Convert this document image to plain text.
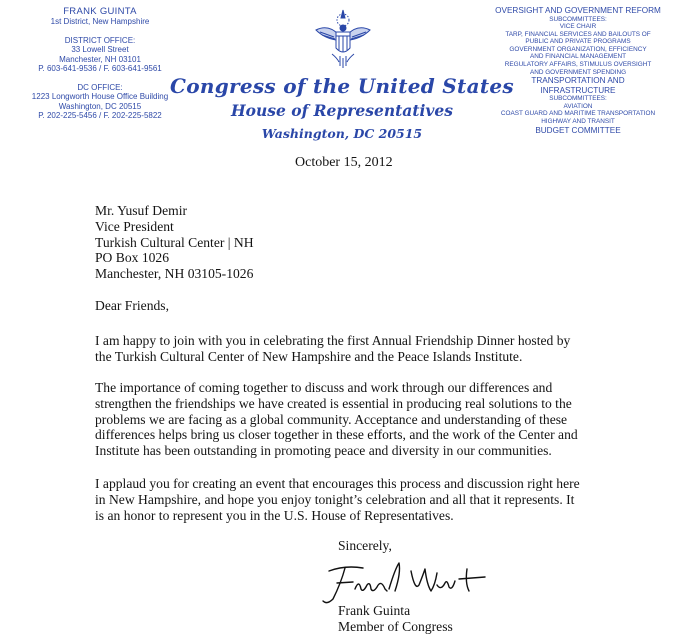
FRANK GUINTA
1st District, New Hampshire
DISTRICT OFFICE:
33 Lowell Street
Manchester, NH 03101
P. 603-641-9536 / F. 603-641-9561
DC OFFICE:
1223 Longworth House Office Building
Washington, DC 20515
P. 202-225-5456 / F. 202-225-5822
Congress of the United States
House of Representatives
Washington, DC 20515
OVERSIGHT AND GOVERNMENT REFORM
SUBCOMMITTEES:
VICE CHAIR
TARP, FINANCIAL SERVICES AND BAILOUTS OF
PUBLIC AND PRIVATE PROGRAMS
GOVERNMENT ORGANIZATION, EFFICIENCY
AND FINANCIAL MANAGEMENT
REGULATORY AFFAIRS, STIMULUS OVERSIGHT
AND GOVERNMENT SPENDING
TRANSPORTATION AND
INFRASTRUCTURE
SUBCOMMITTEES:
AVIATION
COAST GUARD AND MARITIME TRANSPORTATION
HIGHWAY AND TRANSIT
BUDGET COMMITTEE
October 15, 2012
Mr. Yusuf Demir
Vice President
Turkish Cultural Center | NH
PO Box 1026
Manchester, NH 03105-1026
Dear Friends,
I am happy to join with you in celebrating the first Annual Friendship Dinner hosted by
the Turkish Cultural Center of New Hampshire and the Peace Islands Institute.
The importance of coming together to discuss and work through our differences and
strengthen the friendships we have created is essential in producing real solutions to the
problems we are facing as a global community. Acceptance and understanding of these
differences helps bring us closer together in these efforts, and the work of the Center and
Institute has been outstanding in promoting peace and diversity in our communities.
I applaud you for creating an event that encourages this process and discussion right here
in New Hampshire, and hope you enjoy tonight’s celebration and all that it represents. It
is an honor to represent you in the U.S. House of Representatives.
Sincerely,
Frank Guinta
Member of Congress
